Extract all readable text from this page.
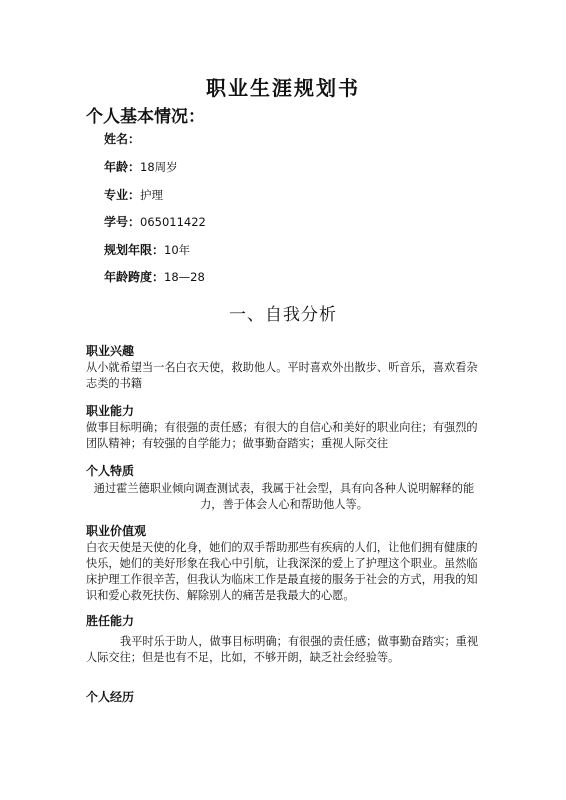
职业生涯规划书
个人基本情况：
姓名：
年龄：18周岁
专业：护理
学号：065011422
规划年限：10年
年龄跨度：18—28
一、自我分析
职业兴趣
从小就希望当一名白衣天使，救助他人。平时喜欢外出散步、听音乐，喜欢看杂志类的书籍
职业能力
做事目标明确；有很强的责任感；有很大的自信心和美好的职业向往；有强烈的团队精神；有较强的自学能力；做事勤奋踏实；重视人际交往
个人特质
通过霍兰德职业倾向调查测试表，我属于社会型，具有向各种人说明解释的能力，善于体会人心和帮助他人等。
职业价值观
白衣天使是天使的化身，她们的双手帮助那些有疾病的人们，让他们拥有健康的快乐，她们的美好形象在我心中引航，让我深深的爱上了护理这个职业。虽然临床护理工作很辛苦，但我认为临床工作是最直接的服务于社会的方式，用我的知识和爱心救死扶伤、解除别人的痛苦是我最大的心愿。
胜任能力
我平时乐于助人，做事目标明确；有很强的责任感；做事勤奋踏实；重视人际交往；但是也有不足，比如，不够开朗，缺乏社会经验等。
个人经历
